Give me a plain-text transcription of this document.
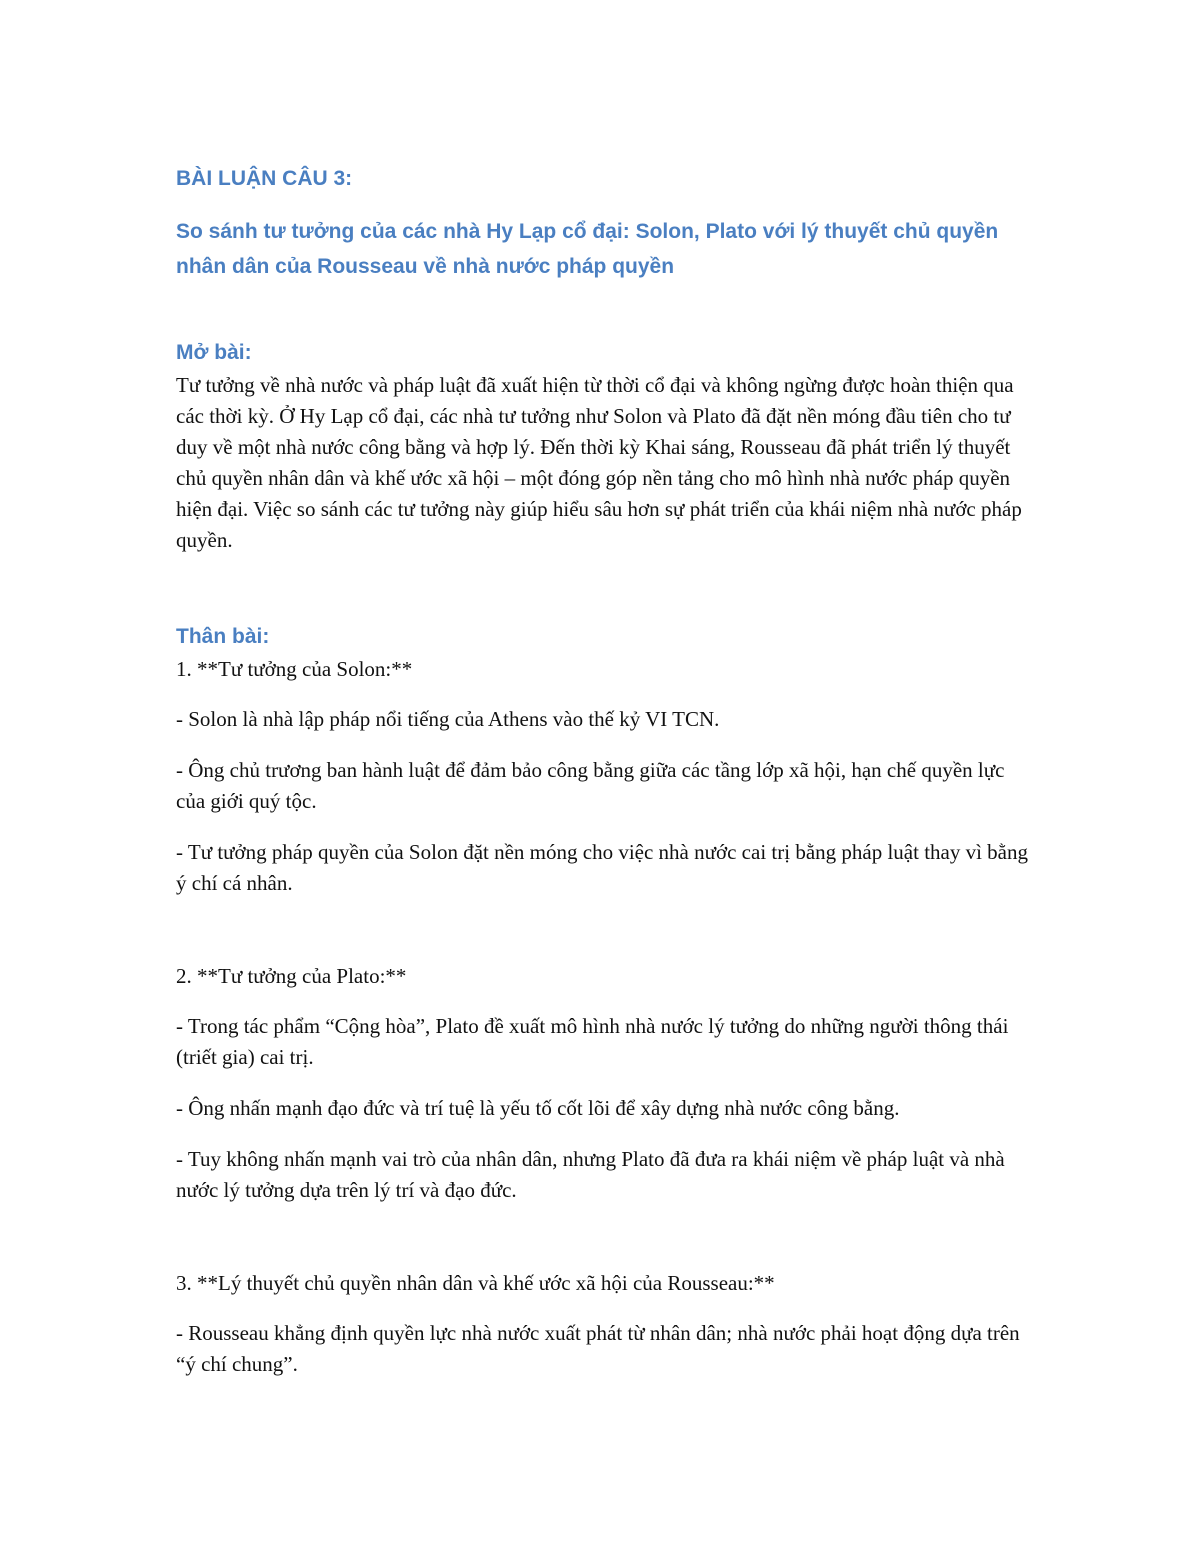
BÀI LUẬN CÂU 3:

So sánh tư tưởng của các nhà Hy Lạp cổ đại: Solon, Plato với lý thuyết chủ quyền nhân dân của Rousseau về nhà nước pháp quyền

Mở bài:

Tư tưởng về nhà nước và pháp luật đã xuất hiện từ thời cổ đại và không ngừng được hoàn thiện qua các thời kỳ. Ở Hy Lạp cổ đại, các nhà tư tưởng như Solon và Plato đã đặt nền móng đầu tiên cho tư duy về một nhà nước công bằng và hợp lý. Đến thời kỳ Khai sáng, Rousseau đã phát triển lý thuyết chủ quyền nhân dân và khế ước xã hội – một đóng góp nền tảng cho mô hình nhà nước pháp quyền hiện đại. Việc so sánh các tư tưởng này giúp hiểu sâu hơn sự phát triển của khái niệm nhà nước pháp quyền.

Thân bài:

1. **Tư tưởng của Solon:**

- Solon là nhà lập pháp nổi tiếng của Athens vào thế kỷ VI TCN.

- Ông chủ trương ban hành luật để đảm bảo công bằng giữa các tầng lớp xã hội, hạn chế quyền lực của giới quý tộc.

- Tư tưởng pháp quyền của Solon đặt nền móng cho việc nhà nước cai trị bằng pháp luật thay vì bằng ý chí cá nhân.

2. **Tư tưởng của Plato:**

- Trong tác phẩm “Cộng hòa”, Plato đề xuất mô hình nhà nước lý tưởng do những người thông thái (triết gia) cai trị.

- Ông nhấn mạnh đạo đức và trí tuệ là yếu tố cốt lõi để xây dựng nhà nước công bằng.

- Tuy không nhấn mạnh vai trò của nhân dân, nhưng Plato đã đưa ra khái niệm về pháp luật và nhà nước lý tưởng dựa trên lý trí và đạo đức.

3. **Lý thuyết chủ quyền nhân dân và khế ước xã hội của Rousseau:**

- Rousseau khẳng định quyền lực nhà nước xuất phát từ nhân dân; nhà nước phải hoạt động dựa trên “ý chí chung”.
